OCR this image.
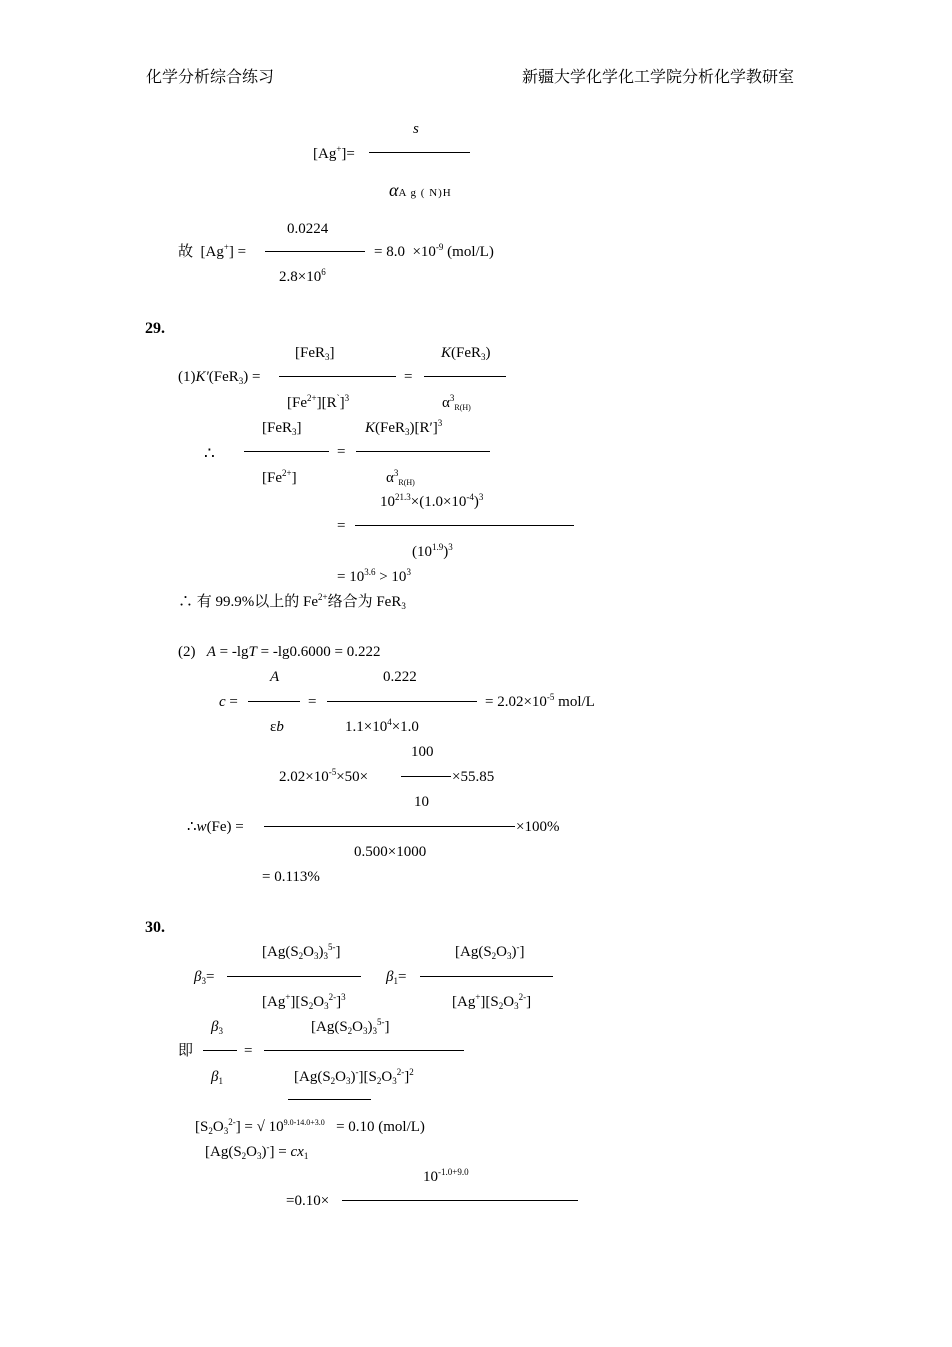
化学分析综合练习	新疆大学化学化工学院分析化学教研室
s
[Ag+]=
αA g ( N)H
0.0224
故  [Ag+] =	= $8.0 \times 10^{-9}$ (mol/L)
$2.8\times 10^6$
29.
[FeR$_3$]	K(FeR$_3$)
(1)K′(FeR$_3$) =	=
$[Fe^{2+}][R^`]^3$	$\alpha^3_{R(H)}$
[FeR$_3$]	$K(FeR_3)[R']^3$
∴	=
$[Fe^{2+}]$	$\alpha^3_{R(H)}$
$10^{21.3}\times(1.0\times 10^{-4})^3$
=
$(10^{1.9})^3$
= $10^{3.6} > 10^3$
∴ 有 99.9%以上的 $Fe^{2+}$络合为 FeR$_3$
(2)   A = -lgT = -lg0.6000 = 0.222
A	0.222
c =	=	= $2.02\times 10^{-5}$ mol/L
εb	$1.1\times 10^4\times 1.0$
100
$2.02\times 10^{-5}\times 50\times$	×55.85
10
∴w(Fe) =	×100%
0.500×1000
= 0.113%
30.
$[Ag(S_2O_3)_3^{5-}]$	$[Ag(S_2O_3)^-]$
$\beta_3=$	$\beta_1=$
$[Ag^+][S_2O_3^{2-}]^3$	$[Ag^+][S_2O_3^{2-}]$
$\beta_3$	$[Ag(S_2O_3)_3^{5-}]$
即	=
$\beta_1$	$[Ag(S_2O_3)^-][S_2O_3^{2-}]^2$
$[S_2O_3^{2-}]$ = √ $10^{9.0-14.0+3.0} = 0.10$ (mol/L)
$[Ag(S_2O_3)^-] = cx_1$
$10^{-1.0+9.0}$
=0.10×
